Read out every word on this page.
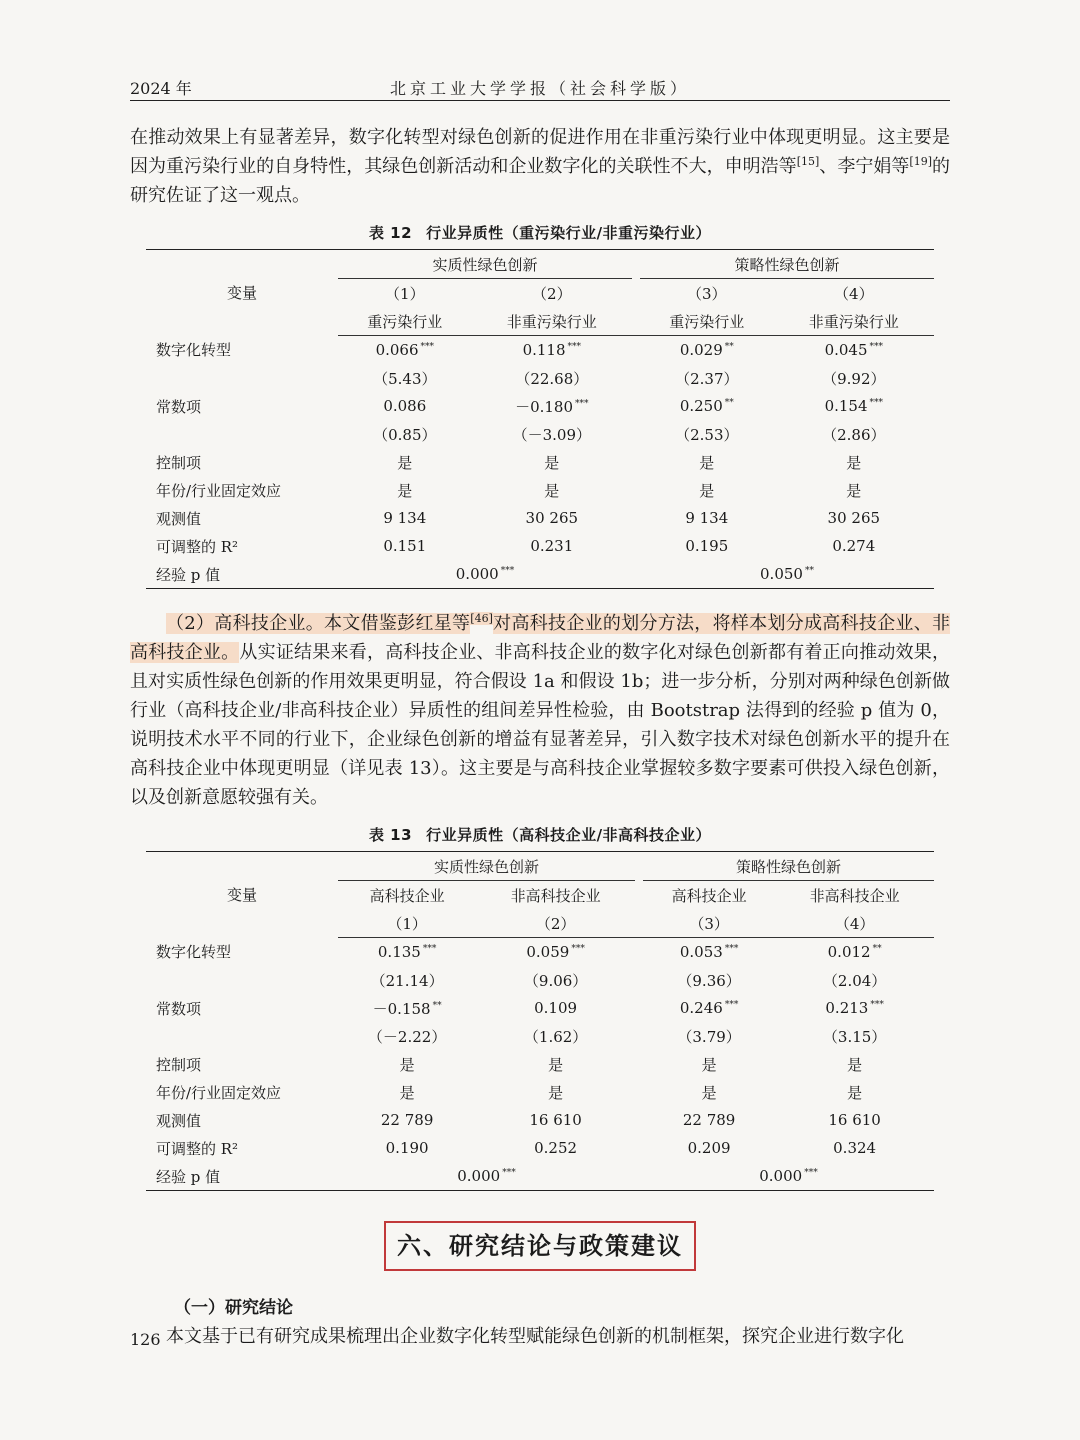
2024 年	北京工业大学学报（社会科学版）

在推动效果上有显著差异，数字化转型对绿色创新的促进作用在非重污染行业中体现更明显。这主要是因为重污染行业的自身特性，其绿色创新活动和企业数字化的关联性不大，申明浩等[15]、李宁娟等[19]的研究佐证了这一观点。

表 12 行业异质性（重污染行业/非重污染行业）
变量	实质性绿色创新			策略性绿色创新	
	（1）	（2）		（3）	（4）
	重污染行业	非重污染行业		重污染行业	非重污染行业
数字化转型	0.066 ***	0.118 ***		0.029 **	0.045 ***
	（5.43）	（22.68）		（2.37）	（9.92）
常数项	0.086	－0.180 ***		0.250 **	0.154 ***
	（0.85）	（－3.09）		（2.53）	（2.86）
控制项	是	是		是	是
年份/行业固定效应	是	是		是	是
观测值	9 134	30 265		9 134	30 265
可调整的 R²	0.151	0.231		0.195	0.274
经验 p 值	0.000 ***			0.050 **

（2）高科技企业。本文借鉴彭红星等[46]对高科技企业的划分方法，将样本划分成高科技企业、非高科技企业。从实证结果来看，高科技企业、非高科技企业的数字化对绿色创新都有着正向推动效果，且对实质性绿色创新的作用效果更明显，符合假设 1a 和假设 1b；进一步分析，分别对两种绿色创新做行业（高科技企业/非高科技企业）异质性的组间差异性检验，由 Bootstrap 法得到的经验 p 值为 0，说明技术水平不同的行业下，企业绿色创新的增益有显著差异，引入数字技术对绿色创新水平的提升在高科技企业中体现更明显（详见表 13）。这主要是与高科技企业掌握较多数字要素可供投入绿色创新，以及创新意愿较强有关。

表 13 行业异质性（高科技企业/非高科技企业）
变量	实质性绿色创新			策略性绿色创新	
	高科技企业	非高科技企业		高科技企业	非高科技企业
	（1）	（2）		（3）	（4）
数字化转型	0.135 ***	0.059 ***		0.053 ***	0.012 **
	（21.14）	（9.06）		（9.36）	（2.04）
常数项	－0.158 **	0.109		0.246 ***	0.213 ***
	（－2.22）	（1.62）		（3.79）	（3.15）
控制项	是	是		是	是
年份/行业固定效应	是	是		是	是
观测值	22 789	16 610		22 789	16 610
可调整的 R²	0.190	0.252		0.209	0.324
经验 p 值	0.000 ***			0.000 ***
六、研究结论与政策建议
（一）研究结论

本文基于已有研究成果梳理出企业数字化转型赋能绿色创新的机制框架，探究企业进行数字化

126
